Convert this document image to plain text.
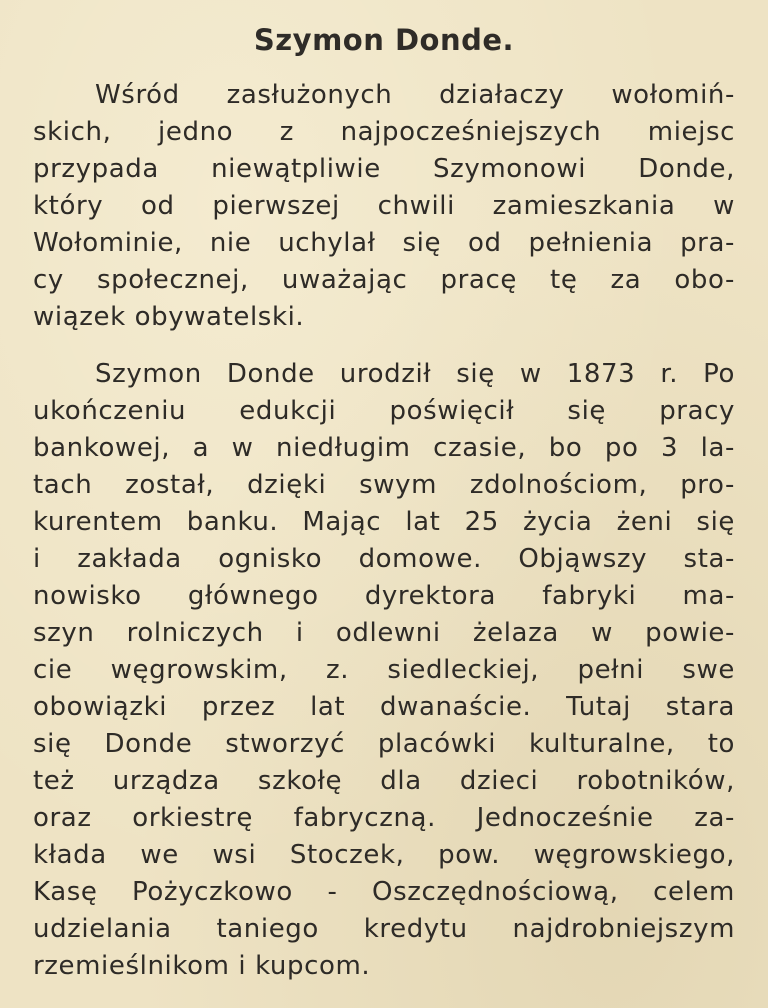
Szymon Donde.
Wśród zasłużonych działaczy wołomiń-
skich, jedno z najpocześniejszych miejsc
przypada niewątpliwie Szymonowi Donde,
który od pierwszej chwili zamieszkania w
Wołominie, nie uchylał się od pełnienia pra-
cy społecznej, uważając pracę tę za obo-
wiązek obywatelski.
Szymon Donde urodził się w 1873 r. Po
ukończeniu edukcji poświęcił się pracy
bankowej, a w niedługim czasie, bo po 3 la-
tach został, dzięki swym zdolnościom, pro-
kurentem banku. Mając lat 25 życia żeni się
i zakłada ognisko domowe. Objąwszy sta-
nowisko głównego dyrektora fabryki ma-
szyn rolniczych i odlewni żelaza w powie-
cie węgrowskim, z. siedleckiej, pełni swe
obowiązki przez lat dwanaście. Tutaj stara
się Donde stworzyć placówki kulturalne, to
też urządza szkołę dla dzieci robotników,
oraz orkiestrę fabryczną. Jednocześnie za-
kłada we wsi Stoczek, pow. węgrowskiego,
Kasę Pożyczkowo - Oszczędnościową, celem
udzielania taniego kredytu najdrobniejszym
rzemieślnikom i kupcom.
